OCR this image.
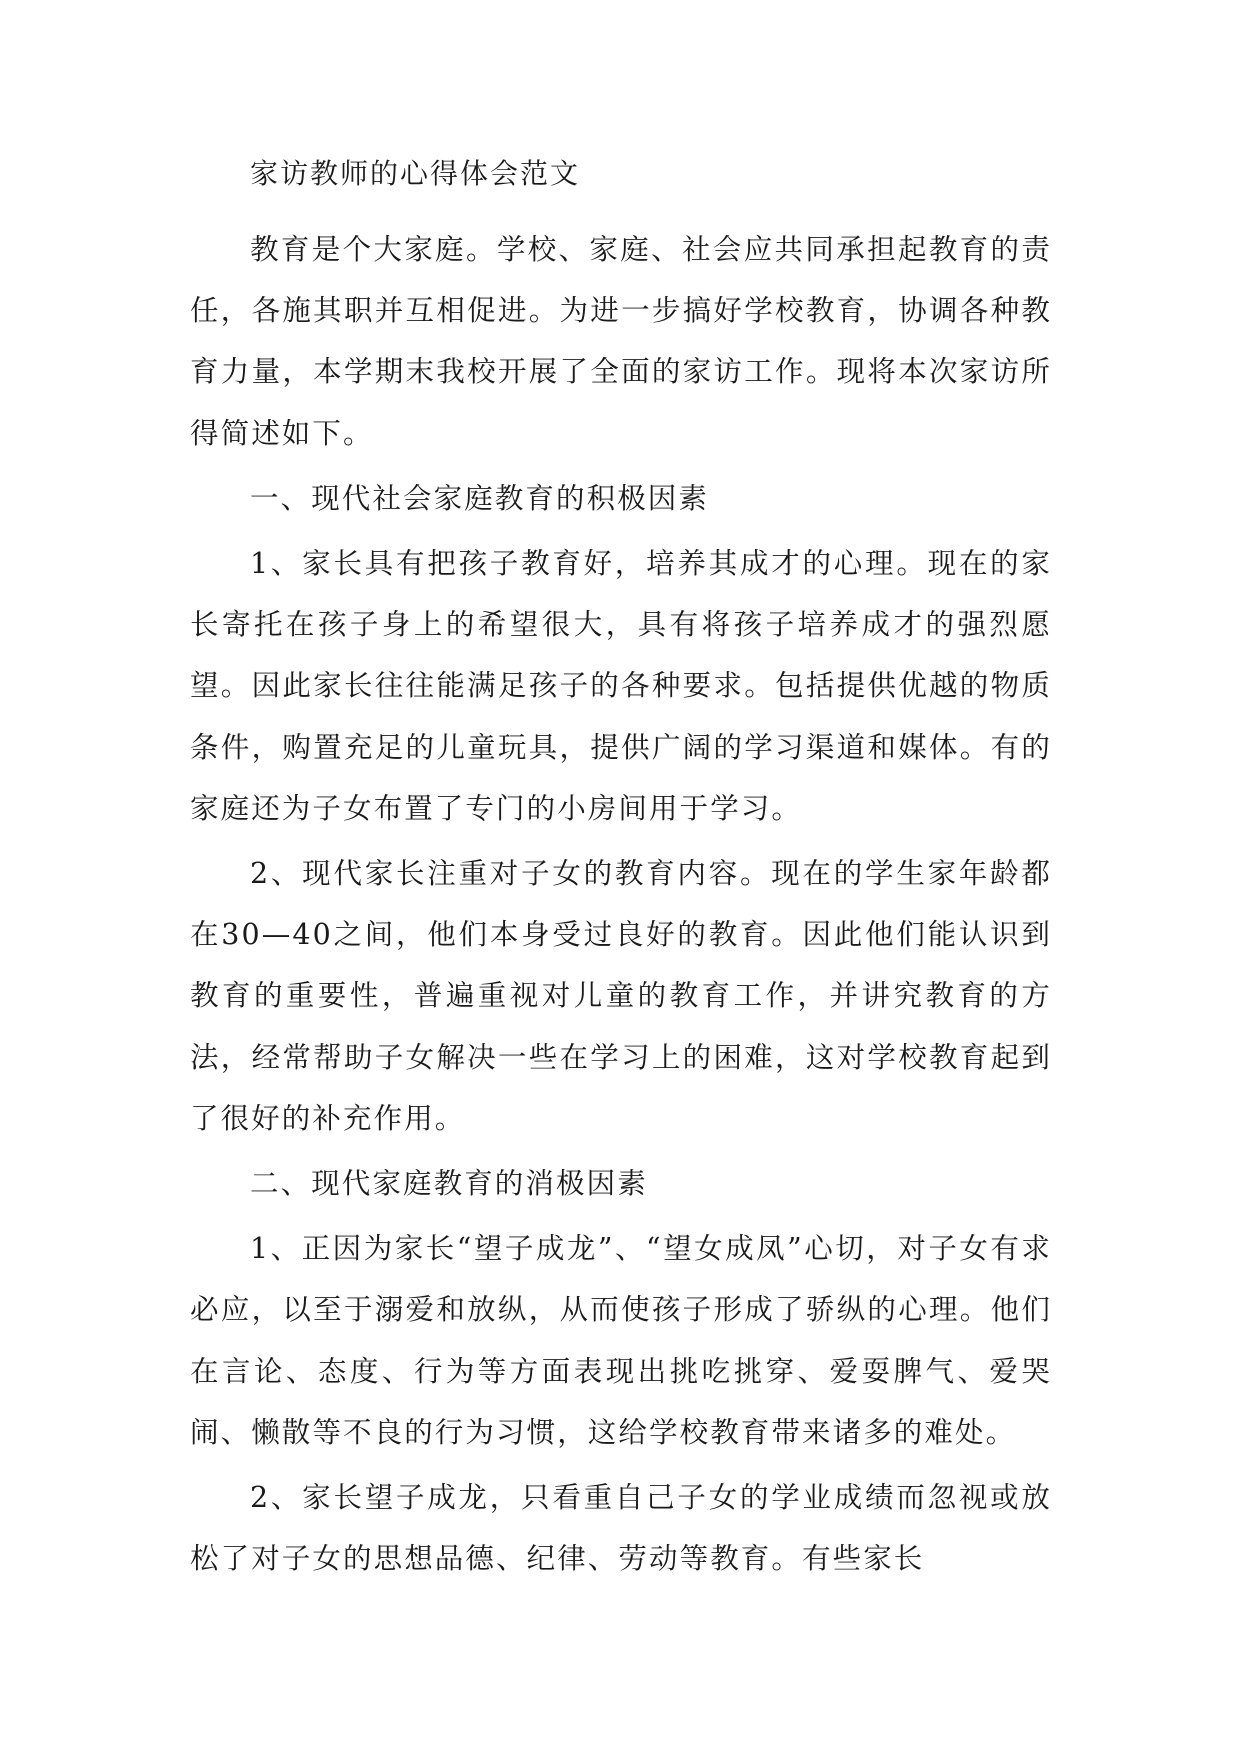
家访教师的心得体会范文

教育是个大家庭。学校、家庭、社会应共同承担起教育的责任，各施其职并互相促进。为进一步搞好学校教育，协调各种教育力量，本学期末我校开展了全面的家访工作。现将本次家访所得简述如下。

一、现代社会家庭教育的积极因素

1、家长具有把孩子教育好，培养其成才的心理。现在的家长寄托在孩子身上的希望很大，具有将孩子培养成才的强烈愿望。因此家长往往能满足孩子的各种要求。包括提供优越的物质条件，购置充足的儿童玩具，提供广阔的学习渠道和媒体。有的家庭还为子女布置了专门的小房间用于学习。

2、现代家长注重对子女的教育内容。现在的学生家年龄都在30—40之间，他们本身受过良好的教育。因此他们能认识到教育的重要性，普遍重视对儿童的教育工作，并讲究教育的方法，经常帮助子女解决一些在学习上的困难，这对学校教育起到了很好的补充作用。

二、现代家庭教育的消极因素

1、正因为家长“望子成龙”、“望女成凤”心切，对子女有求必应，以至于溺爱和放纵，从而使孩子形成了骄纵的心理。他们在言论、态度、行为等方面表现出挑吃挑穿、爱耍脾气、爱哭闹、懒散等不良的行为习惯，这给学校教育带来诸多的难处。

2、家长望子成龙，只看重自己子女的学业成绩而忽视或放松了对子女的思想品德、纪律、劳动等教育。有些家长
